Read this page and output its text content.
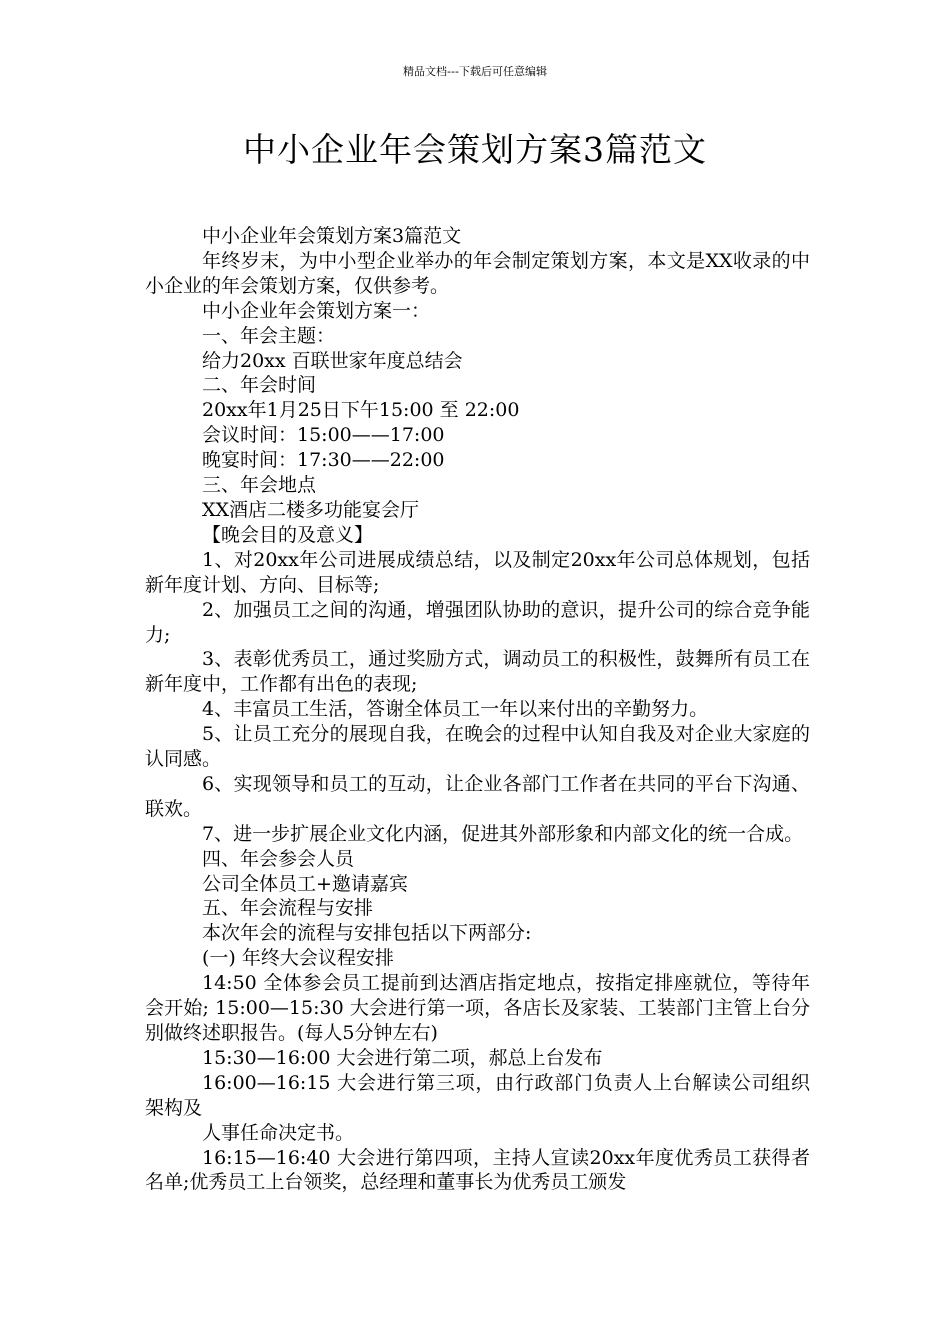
精品文档---下载后可任意编辑
中小企业年会策划方案3篇范文

中小企业年会策划方案3篇范文

年终岁末，为中小型企业举办的年会制定策划方案，本文是XX收录的中小企业的年会策划方案，仅供参考。

中小企业年会策划方案一：

一、年会主题：

给力20xx 百联世家年度总结会

二、年会时间

20xx年1月25日下午15:00 至 22:00

会议时间：15:00——17:00

晚宴时间：17:30——22:00

三、年会地点

XX酒店二楼多功能宴会厅

【晚会目的及意义】

1、对20xx年公司进展成绩总结，以及制定20xx年公司总体规划，包括新年度计划、方向、目标等;

2、加强员工之间的沟通，增强团队协助的意识，提升公司的综合竞争能力;

3、表彰优秀员工，通过奖励方式，调动员工的积极性，鼓舞所有员工在新年度中，工作都有出色的表现;

4、丰富员工生活，答谢全体员工一年以来付出的辛勤努力。

5、让员工充分的展现自我，在晚会的过程中认知自我及对企业大家庭的认同感。

6、实现领导和员工的互动，让企业各部门工作者在共同的平台下沟通、联欢。

7、进一步扩展企业文化内涵，促进其外部形象和内部文化的统一合成。

四、年会参会人员

公司全体员工+邀请嘉宾

五、年会流程与安排

本次年会的流程与安排包括以下两部分:

(一) 年终大会议程安排

14:50 全体参会员工提前到达酒店指定地点，按指定排座就位，等待年会开始; 15:00—15:30 大会进行第一项，各店长及家装、工装部门主管上台分别做终述职报告。(每人5分钟左右)

15:30—16:00 大会进行第二项，郝总上台发布

16:00—16:15 大会进行第三项，由行政部门负责人上台解读公司组织架构及

人事任命决定书。

16:15—16:40 大会进行第四项，主持人宣读20xx年度优秀员工获得者名单;优秀员工上台领奖，总经理和董事长为优秀员工颁发
